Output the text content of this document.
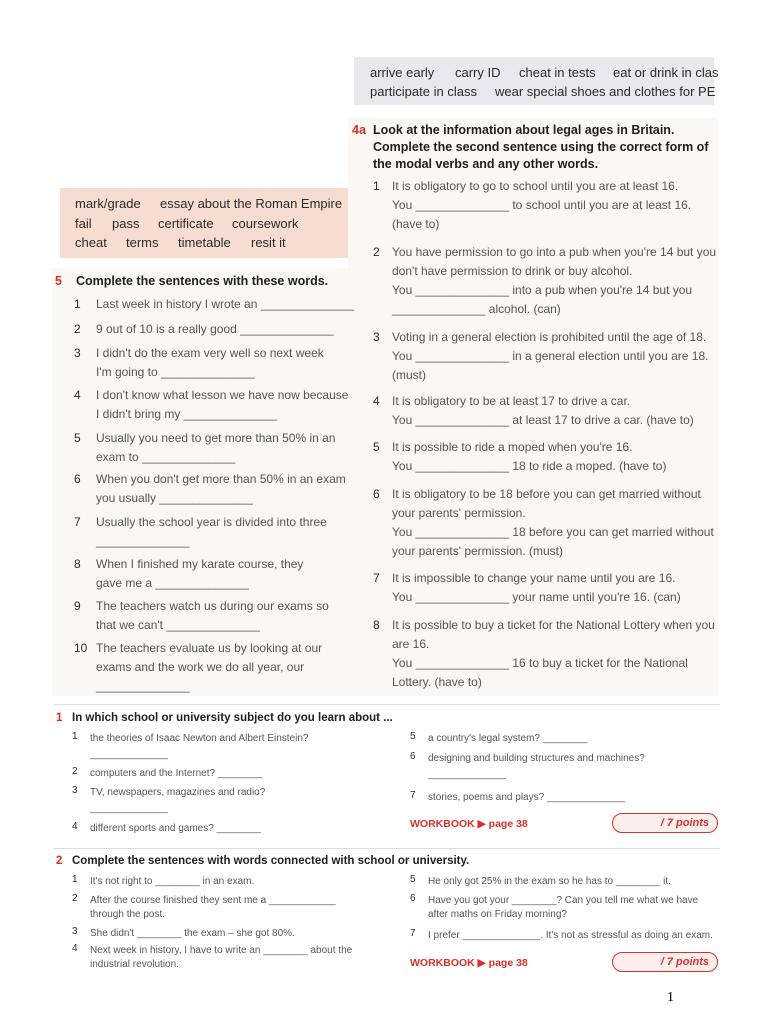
arrive early carry ID cheat in tests eat or drink in clas
participate in class wear special shoes and clothes for PE
4a Look at the information about legal ages in Britain.
Complete the second sentence using the correct form of
the modal verbs and any other words.
1 It is obligatory to go to school until you are at least 16.
You ______________ to school until you are at least 16.
(have to)
2 You have permission to go into a pub when you're 14 but you
don't have permission to drink or buy alcohol.
You ______________ into a pub when you're 14 but you
______________ alcohol. (can)
3 Voting in a general election is prohibited until the age of 18.
You ______________ in a general election until you are 18.
(must)
4 It is obligatory to be at least 17 to drive a car.
You ______________ at least 17 to drive a car. (have to)
5 It is possible to ride a moped when you're 16.
You ______________ 18 to ride a moped. (have to)
6 It is obligatory to be 18 before you can get married without
your parents' permission.
You ______________ 18 before you can get married without
your parents' permission. (must)
7 It is impossible to change your name until you are 16.
You ______________ your name until you're 16. (can)
8 It is possible to buy a ticket for the National Lottery when you
are 16.
You ______________ 16 to buy a ticket for the National
Lottery. (have to)
mark/grade essay about the Roman Empire
fail pass certificate coursework
cheat terms timetable resit it
5 Complete the sentences with these words.
1 Last week in history I wrote an ______________
2 9 out of 10 is a really good ______________
3 I didn't do the exam very well so next week
I'm going to ______________
4 I don't know what lesson we have now because
I didn't bring my ______________
5 Usually you need to get more than 50% in an
exam to ______________
6 When you don't get more than 50% in an exam
you usually ______________
7 Usually the school year is divided into three
______________
8 When I finished my karate course, they
gave me a ______________
9 The teachers watch us during our exams so
that we can't ______________
10 The teachers evaluate us by looking at our
exams and the work we do all year, our
______________
1 In which school or university subject do you learn about ...
1 the theories of Isaac Newton and Albert Einstein?
______________
2 computers and the Internet? ________
3 TV, newspapers, magazines and radio?
______________
4 different sports and games? ________
5 a country's legal system? ________
6 designing and building structures and machines?
______________
7 stories, poems and plays? ______________
WORKBOOK ▶ page 38	/ 7 points
2 Complete the sentences with words connected with school or university.
1 It's not right to ________ in an exam.
2 After the course finished they sent me a ____________
through the post.
3 She didn't ________ the exam – she got 80%.
4 Next week in history, I have to write an ________ about the
industrial revolution.
5 He only got 25% in the exam so he has to ________ it.
6 Have you got your ________? Can you tell me what we have
after maths on Friday morning?
7 I prefer ______________. It's not as stressful as doing an exam.
WORKBOOK ▶ page 38	/ 7 points
1
